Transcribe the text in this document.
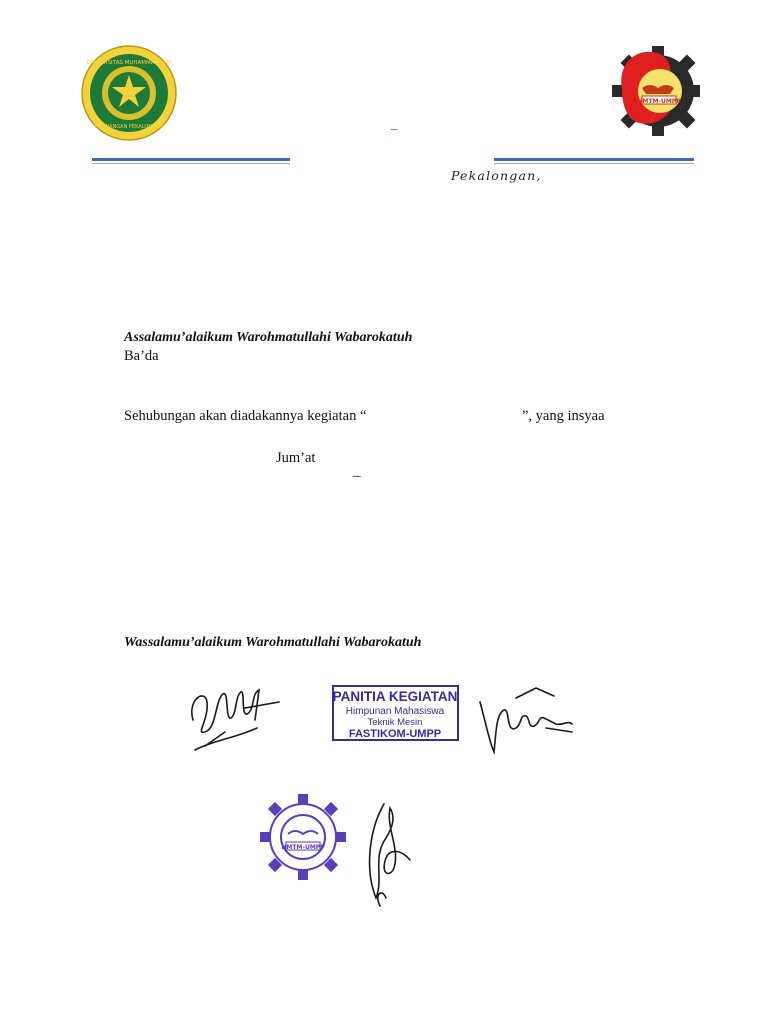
UNIVERSITAS MUHAMMADIYAH
PEKAJANGAN PEKALONGAN	_
HMTM-UMPP
Pekalongan,
Assalamu’alaikum Warohmatullahi Wabarokatuh
Ba’da
Sehubungan akan diadakannya kegiatan “	”, yang insyaa
Jum’at
–
Wassalamu’alaikum Warohmatullahi Wabarokatuh
PANITIA KEGIATAN
Himpunan Mahasiswa
Teknik Mesin
FASTIKOM-UMPP
HMTM-UMPP
